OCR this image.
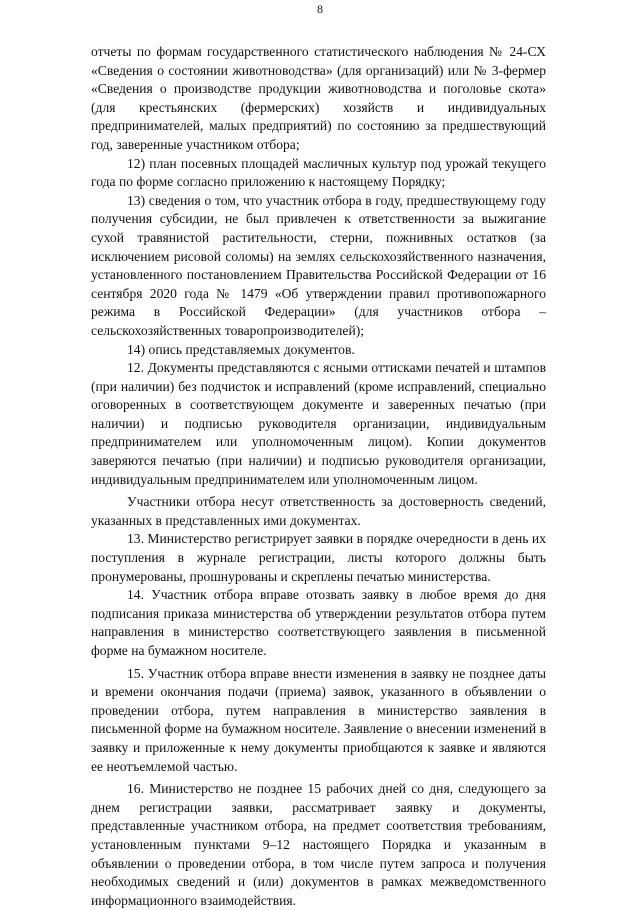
8

отчеты по формам государственного статистического наблюдения № 24-СХ «Сведения о состоянии животноводства» (для организаций) или № 3-фермер «Сведения о производстве продукции животноводства и поголовье скота» (для крестьянских (фермерских) хозяйств и индивидуальных предпринимателей, малых предприятий) по состоянию за предшествующий год, заверенные участником отбора;

12) план посевных площадей масличных культур под урожай текущего года по форме согласно приложению к настоящему Порядку;

13) сведения о том, что участник отбора в году, предшествующему году получения субсидии, не был привлечен к ответственности за выжигание сухой травянистой растительности, стерни, пожнивных остатков (за исключением рисовой соломы) на землях сельскохозяйственного назначения, установленного постановлением Правительства Российской Федерации от 16 сентября 2020 года № 1479 «Об утверждении правил противопожарного режима в Российской Федерации» (для участников отбора – сельскохозяйственных товаропроизводителей);

14) опись представляемых документов.

12. Документы представляются с ясными оттисками печатей и штампов (при наличии) без подчисток и исправлений (кроме исправлений, специально оговоренных в соответствующем документе и заверенных печатью (при наличии) и подписью руководителя организации, индивидуальным предпринимателем или уполномоченным лицом). Копии документов заверяются печатью (при наличии) и подписью руководителя организации, индивидуальным предпринимателем или уполномоченным лицом.

Участники отбора несут ответственность за достоверность сведений, указанных в представленных ими документах.

13. Министерство регистрирует заявки в порядке очередности в день их поступления в журнале регистрации, листы которого должны быть пронумерованы, прошнурованы и скреплены печатью министерства.

14. Участник отбора вправе отозвать заявку в любое время до дня подписания приказа министерства об утверждении результатов отбора путем направления в министерство соответствующего заявления в письменной форме на бумажном носителе.

15. Участник отбора вправе внести изменения в заявку не позднее даты и времени окончания подачи (приема) заявок, указанного в объявлении о проведении отбора, путем направления в министерство заявления в письменной форме на бумажном носителе. Заявление о внесении изменений в заявку и приложенные к нему документы приобщаются к заявке и являются ее неотъемлемой частью.

16. Министерство не позднее 15 рабочих дней со дня, следующего за днем регистрации заявки, рассматривает заявку и документы, представленные участником отбора, на предмет соответствия требованиям, установленным пунктами 9–12 настоящего Порядка и указанным в объявлении о проведении отбора, в том числе путем запроса и получения необходимых сведений и (или) документов в рамках межведомственного информационного взаимодействия.
